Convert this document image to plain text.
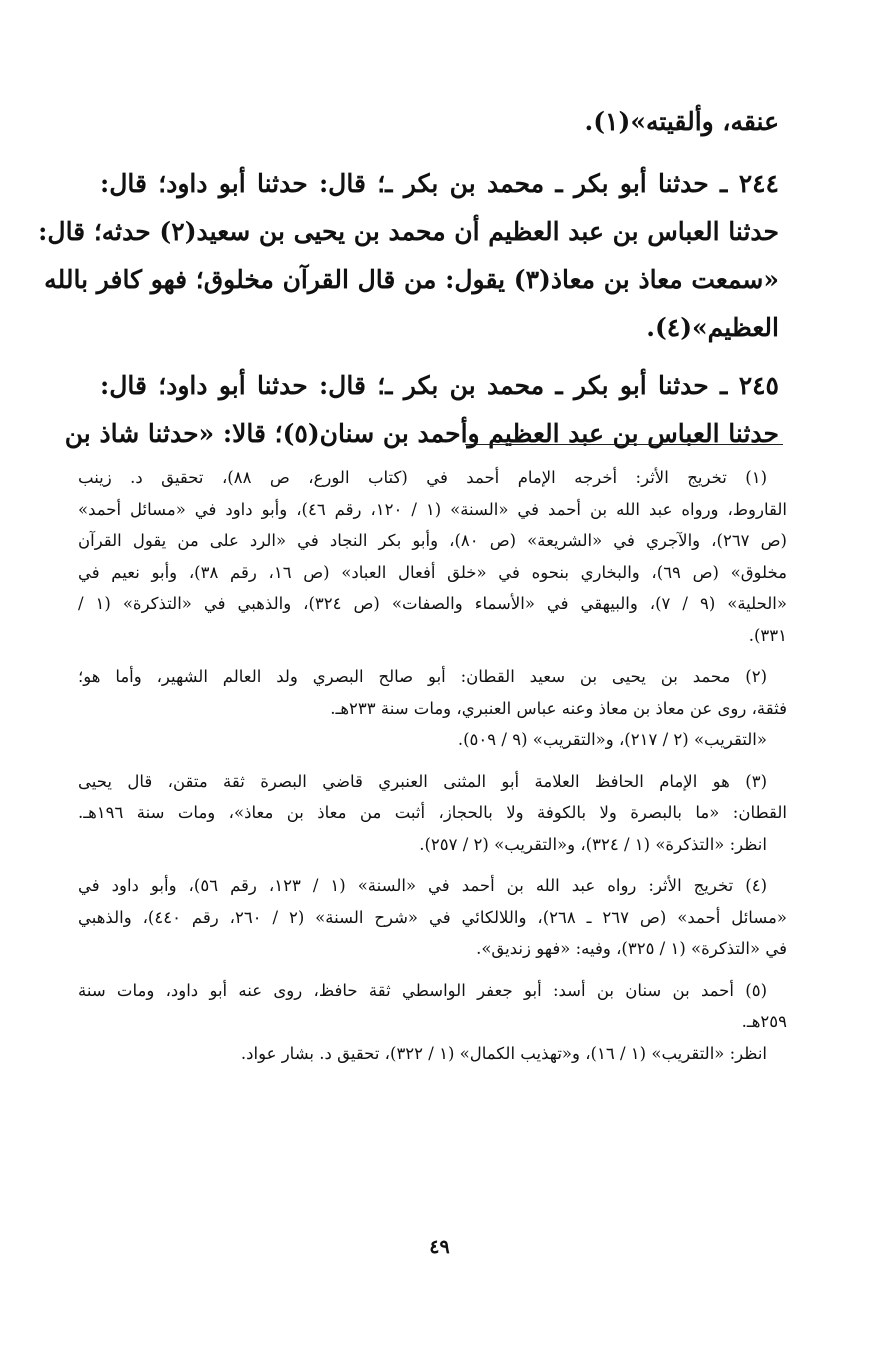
عنقه، وألقيته»(١).
٢٤٤ ـ حدثنا أبو بكر ـ محمد بن بكر ـ؛ قال: حدثنا أبو داود؛ قال:
حدثنا العباس بن عبد العظيم أن محمد بن يحيى بن سعيد(٢) حدثه؛ قال:
«سمعت معاذ بن معاذ(٣) يقول: من قال القرآن مخلوق؛ فهو كافر بالله
العظيم»(٤).
٢٤٥ ـ حدثنا أبو بكر ـ محمد بن بكر ـ؛ قال: حدثنا أبو داود؛ قال:
حدثنا العباس بن عبد العظيم وأحمد بن سنان(٥)؛ قالا: «حدثنا شاذ بن
(١) تخريج الأثر: أخرجه الإمام أحمد في (كتاب الورع، ص ٨٨)، تحقيق د. زينب
القاروط، ورواه عبد الله بن أحمد في «السنة» (١ / ١٢٠، رقم ٤٦)، وأبو داود في «مسائل أحمد»
(ص ٢٦٧)، والآجري في «الشريعة» (ص ٨٠)، وأبو بكر النجاد في «الرد على من يقول القرآن
مخلوق» (ص ٦٩)، والبخاري بنحوه في «خلق أفعال العباد» (ص ١٦، رقم ٣٨)، وأبو نعيم في
«الحلية» (٩ / ٧)، والبيهقي في «الأسماء والصفات» (ص ٣٢٤)، والذهبي في «التذكرة» (١ /
٣٣١).
(٢) محمد بن يحيى بن سعيد القطان: أبو صالح البصري ولد العالم الشهير، وأما هو؛
فثقة، روى عن معاذ بن معاذ وعنه عباس العنبري، ومات سنة ٢٣٣هـ.
«التقريب» (٢ / ٢١٧)، و«التقريب» (٩ / ٥٠٩).
(٣) هو الإمام الحافظ العلامة أبو المثنى العنبري قاضي البصرة ثقة متقن، قال يحيى
القطان: «ما بالبصرة ولا بالكوفة ولا بالحجاز، أثبت من معاذ بن معاذ»، ومات سنة ١٩٦هـ.
انظر: «التذكرة» (١ / ٣٢٤)، و«التقريب» (٢ / ٢٥٧).
(٤) تخريج الأثر: رواه عبد الله بن أحمد في «السنة» (١ / ١٢٣، رقم ٥٦)، وأبو داود في
«مسائل أحمد» (ص ٢٦٧ ـ ٢٦٨)، واللالكائي في «شرح السنة» (٢ / ٢٦٠، رقم ٤٤٠)، والذهبي
في «التذكرة» (١ / ٣٢٥)، وفيه: «فهو زنديق».
(٥) أحمد بن سنان بن أسد: أبو جعفر الواسطي ثقة حافظ، روى عنه أبو داود، ومات سنة
٢٥٩هـ.
انظر: «التقريب» (١ / ١٦)، و«تهذيب الكمال» (١ / ٣٢٢)، تحقيق د. بشار عواد.
٤٩
